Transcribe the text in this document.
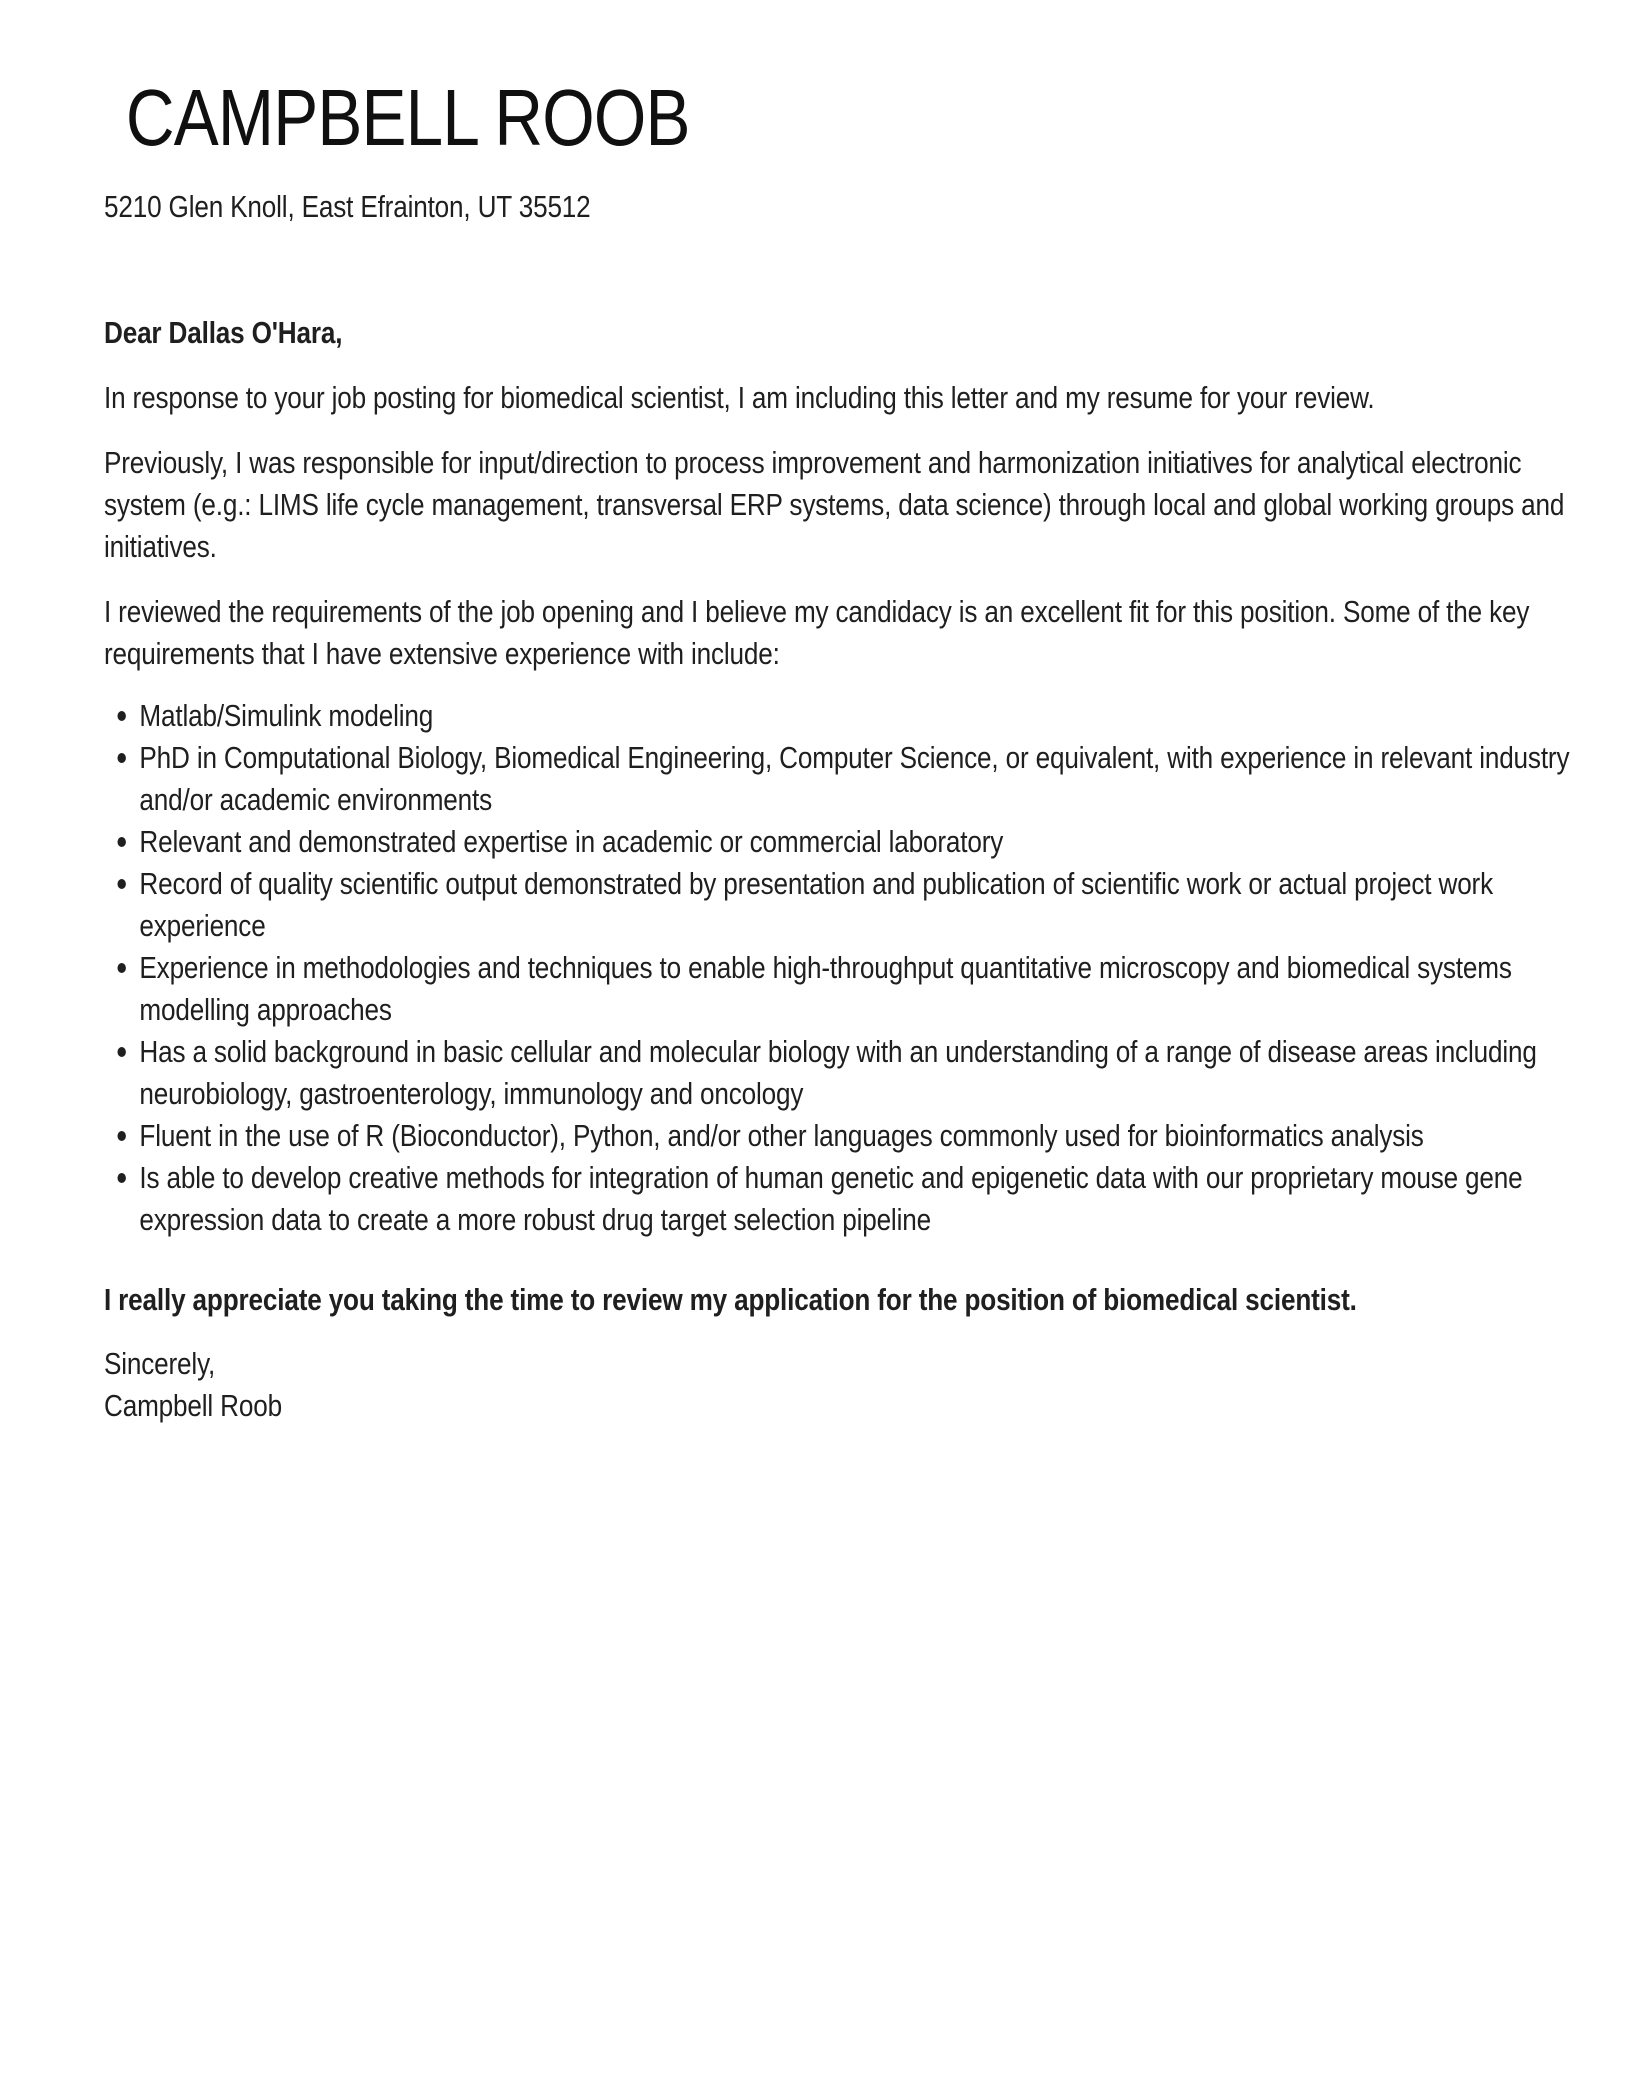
CAMPBELL ROOB
5210 Glen Knoll, East Efrainton, UT 35512
Dear Dallas O'Hara,
In response to your job posting for biomedical scientist, I am including this letter and my resume for your review.
Previously, I was responsible for input/direction to process improvement and harmonization initiatives for analytical electronic system (e.g.: LIMS life cycle management, transversal ERP systems, data science) through local and global working groups and initiatives.
I reviewed the requirements of the job opening and I believe my candidacy is an excellent fit for this position. Some of the key requirements that I have extensive experience with include:
Matlab/Simulink modeling
PhD in Computational Biology, Biomedical Engineering, Computer Science, or equivalent, with experience in relevant industry and/or academic environments
Relevant and demonstrated expertise in academic or commercial laboratory
Record of quality scientific output demonstrated by presentation and publication of scientific work or actual project work experience
Experience in methodologies and techniques to enable high-throughput quantitative microscopy and biomedical systems modelling approaches
Has a solid background in basic cellular and molecular biology with an understanding of a range of disease areas including neurobiology, gastroenterology, immunology and oncology
Fluent in the use of R (Bioconductor), Python, and/or other languages commonly used for bioinformatics analysis
Is able to develop creative methods for integration of human genetic and epigenetic data with our proprietary mouse gene expression data to create a more robust drug target selection pipeline
I really appreciate you taking the time to review my application for the position of biomedical scientist.
Sincerely,
Campbell Roob
